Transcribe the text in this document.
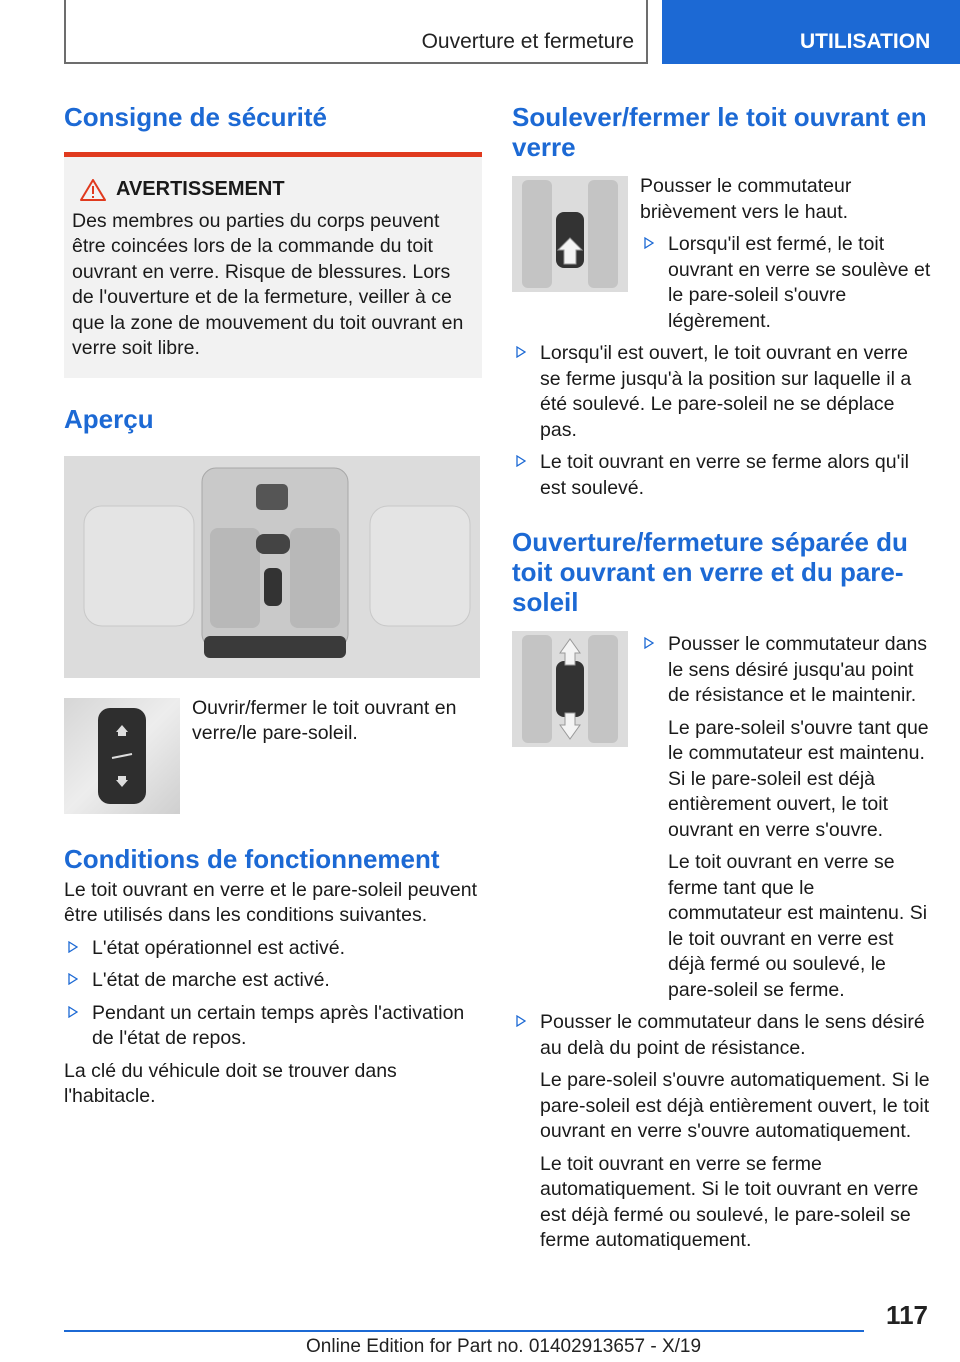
Ouverture et fermeture	UTILISATION
Consigne de sécurité
AVERTISSEMENT

Des membres ou parties du corps peuvent être coincées lors de la commande du toit ouvrant en verre. Risque de blessures. Lors de l'ouverture et de la fermeture, veiller à ce que la zone de mouvement du toit ouvrant en verre soit libre.

Aperçu

Ouvrir/fermer le toit ouvrant en verre/le pare-soleil.

Conditions de fonctionnement

Le toit ouvrant en verre et le pare-soleil peuvent être utilisés dans les conditions suivantes.

L'état opérationnel est activé.
L'état de marche est activé.
Pendant un certain temps après l'activation de l'état de repos.

La clé du véhicule doit se trouver dans l'habitacle.

Soulever/fermer le toit ouvrant en verre

Pousser le commutateur brièvement vers le haut.

Lorsqu'il est fermé, le toit ouvrant en verre se soulève et le pare-soleil s'ouvre légèrement.
Lorsqu'il est ouvert, le toit ouvrant en verre se ferme jusqu'à la position sur laquelle il a été soulevé. Le pare-soleil ne se déplace pas.
Le toit ouvrant en verre se ferme alors qu'il est soulevé.
Ouverture/fermeture séparée du toit ouvrant en verre et du pare-soleil
Pousser le commutateur dans le sens désiré jusqu'au point de résistance et le maintenir.

Le pare-soleil s'ouvre tant que le commutateur est maintenu. Si le pare-soleil est déjà entièrement ouvert, le toit ouvrant en verre s'ouvre.

Le toit ouvrant en verre se ferme tant que le commutateur est maintenu. Si le toit ouvrant en verre est déjà fermé ou soulevé, le pare-soleil se ferme.

Pousser le commutateur dans le sens désiré au delà du point de résistance.

Le pare-soleil s'ouvre automatiquement. Si le pare-soleil est déjà entièrement ouvert, le toit ouvrant en verre s'ouvre automatiquement.

Le toit ouvrant en verre se ferme automatiquement. Si le toit ouvrant en verre est déjà fermé ou soulevé, le pare-soleil se ferme automatiquement.

117
Online Edition for Part no. 01402913657 - X/19
